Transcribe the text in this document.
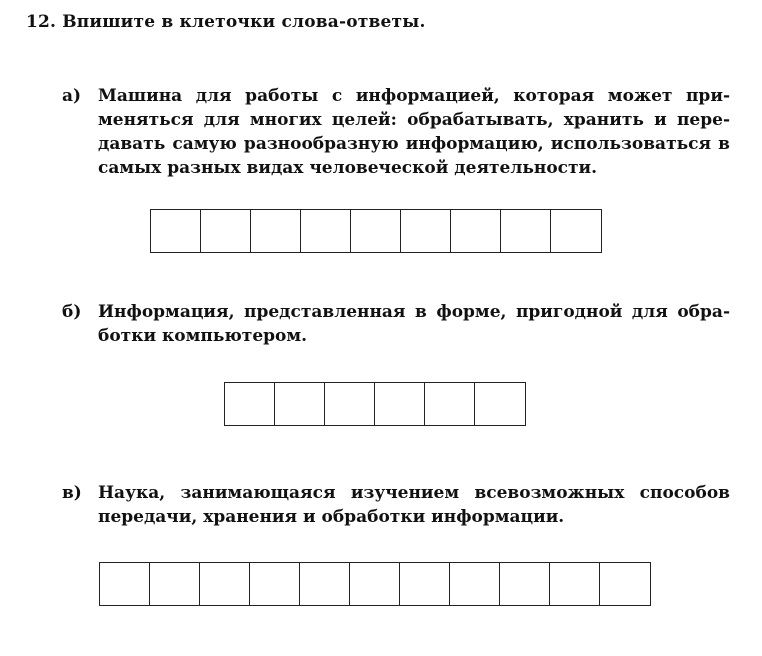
12. Впишите в клеточки слова-ответы.
а) Машина для работы с информацией, которая может применяться для многих целей: обрабатывать, хранить и передавать самую разнообразную информацию, использоваться в самых разных видах человеческой деятельности.
б) Информация, представленная в форме, пригодной для обработки компьютером.
в) Наука, занимающаяся изучением всевозможных способов передачи, хранения и обработки информации.
